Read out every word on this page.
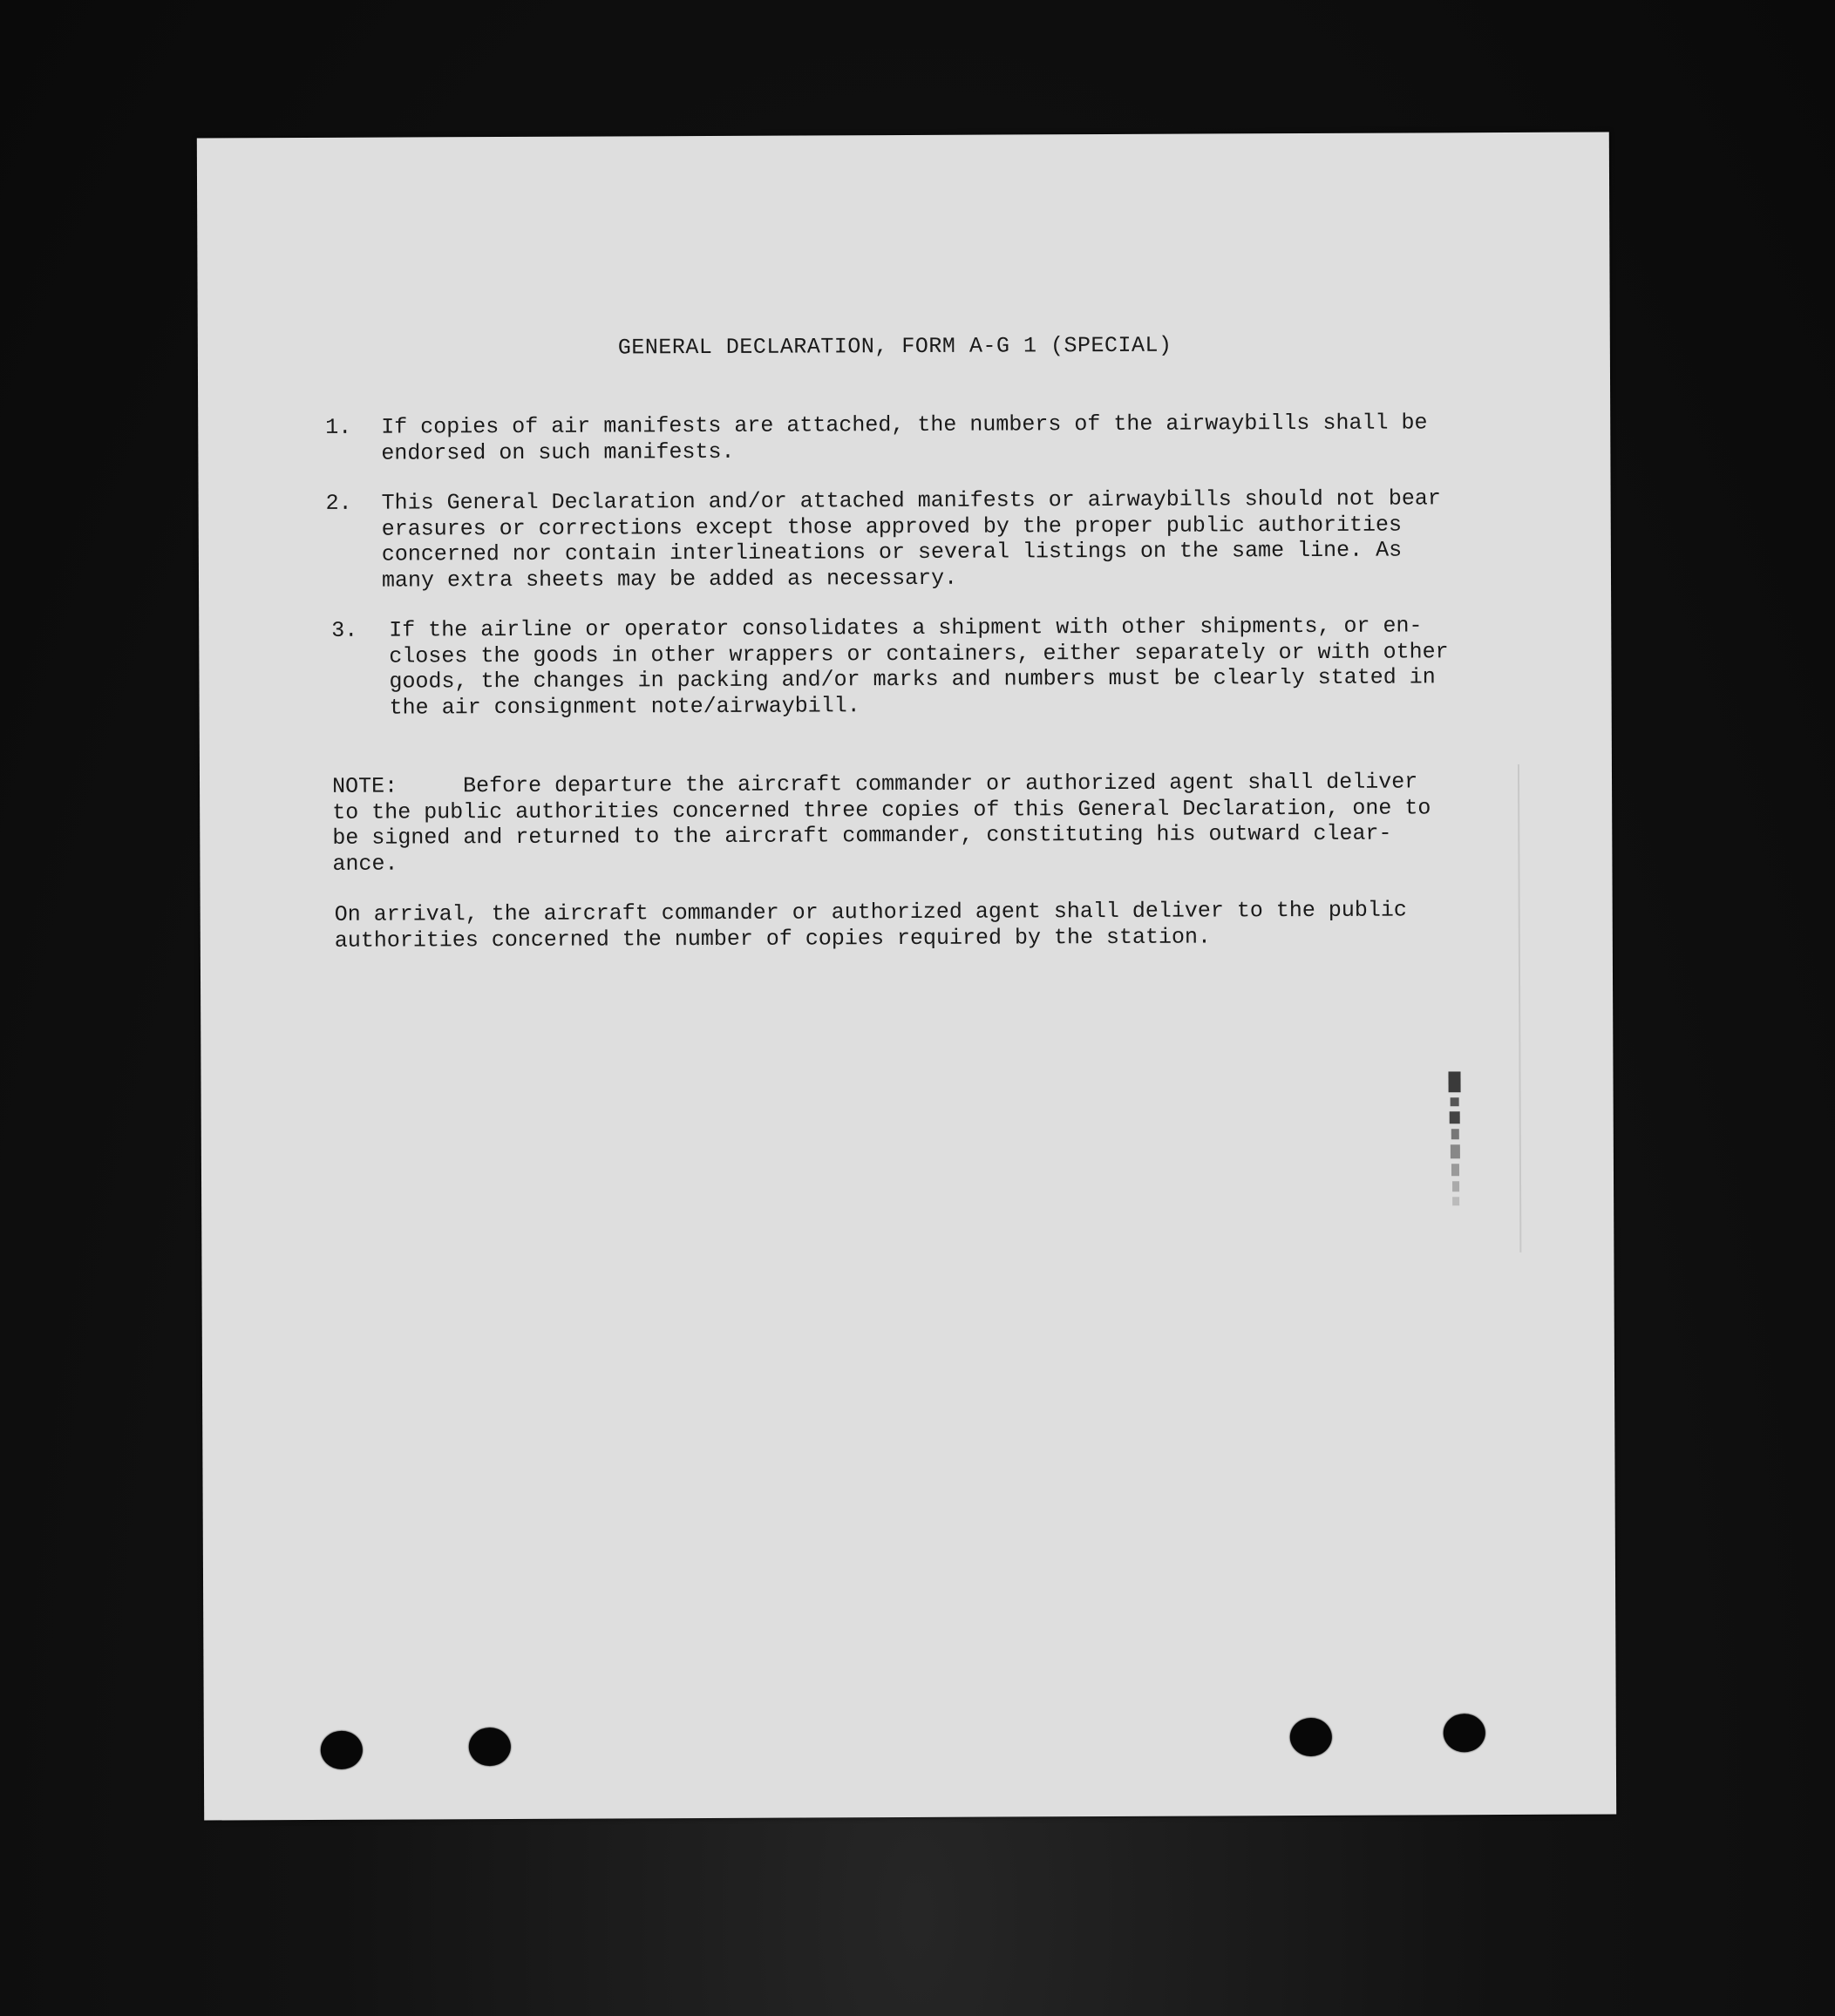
GENERAL DECLARATION, FORM A-G 1 (SPECIAL)
1.	If copies of air manifests are attached, the numbers of the airwaybills shall be
endorsed on such manifests.
2.	This General Declaration and/or attached manifests or airwaybills should not bear
erasures or corrections except those approved by the proper public authorities
concerned nor contain interlineations or several listings on the same line. As
many extra sheets may be added as necessary.
3.	If the airline or operator consolidates a shipment with other shipments, or en-
closes the goods in other wrappers or containers, either separately or with other
goods, the changes in packing and/or marks and numbers must be clearly stated in
the air consignment note/airwaybill.
NOTE:     Before departure the aircraft commander or authorized agent shall deliver
to the public authorities concerned three copies of this General Declaration, one to
be signed and returned to the aircraft commander, constituting his outward clear-
ance.
On arrival, the aircraft commander or authorized agent shall deliver to the public
authorities concerned the number of copies required by the station.
